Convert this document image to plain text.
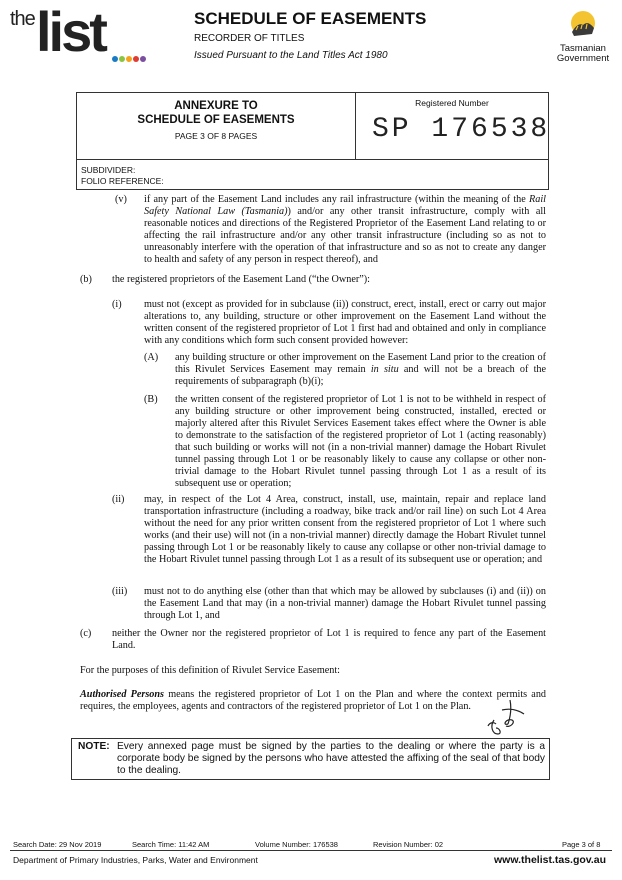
the list	SCHEDULE OF EASEMENTS
RECORDER OF TITLES
Issued Pursuant to the Land Titles Act 1980
Tasmanian
Government
ANNEXURE TO
SCHEDULE OF EASEMENTS
PAGE 3 OF 8 PAGES
Registered Number
SP 176538
SUBDIVIDER:
FOLIO REFERENCE:
(v) if any part of the Easement Land includes any rail infrastructure (within the meaning of the Rail Safety National Law (Tasmania)) and/or any other transit infrastructure, comply with all reasonable notices and directions of the Registered Proprietor of the Easement Land relating to or affecting the rail infrastructure and/or any other transit infrastructure (including so as not to unreasonably interfere with the operation of that infrastructure and so as not to create any danger to health and safety of any person in respect thereof), and
(b) the registered proprietors of the Easement Land (“the Owner”):
(i) must not (except as provided for in subclause (ii)) construct, erect, install, erect or carry out major alterations to, any building, structure or other improvement on the Easement Land without the written consent of the registered proprietor of Lot 1 first had and obtained and only in compliance with any conditions which form such consent provided however:
(A) any building structure or other improvement on the Easement Land prior to the creation of this Rivulet Services Easement may remain in situ and will not be a breach of the requirements of subparagraph (b)(i);
(B) the written consent of the registered proprietor of Lot 1 is not to be withheld in respect of any building structure or other improvement being constructed, installed, erected or majorly altered after this Rivulet Services Easement takes effect where the Owner is able to demonstrate to the satisfaction of the registered proprietor of Lot 1 (acting reasonably) that such building or works will not (in a non-trivial manner) damage the Hobart Rivulet tunnel passing through Lot 1 or be reasonably likely to cause any collapse or other non-trivial damage to the Hobart Rivulet tunnel passing through Lot 1 as a result of its subsequent use or operation;
(ii) may, in respect of the Lot 4 Area, construct, install, use, maintain, repair and replace land transportation infrastructure (including a roadway, bike track and/or rail line) on such Lot 4 Area without the need for any prior written consent from the registered proprietor of Lot 1 where such works (and their use) will not (in a non-trivial manner) directly damage the Hobart Rivulet tunnel passing through Lot 1 or be reasonably likely to cause any collapse or other non-trivial damage to the Hobart Rivulet tunnel passing through Lot 1 as a result of its subsequent use or operation; and
(iii) must not to do anything else (other than that which may be allowed by subclauses (i) and (ii)) on the Easement Land that may (in a non-trivial manner) damage the Hobart Rivulet tunnel passing through Lot 1, and
(c) neither the Owner nor the registered proprietor of Lot 1 is required to fence any part of the Easement Land.
For the purposes of this definition of Rivulet Service Easement:
Authorised Persons means the registered proprietor of Lot 1 on the Plan and where the context permits and requires, the employees, agents and contractors of the registered proprietor of Lot 1 on the Plan.
NOTE: Every annexed page must be signed by the parties to the dealing or where the party is a corporate body be signed by the persons who have attested the affixing of the seal of that body to the dealing.
Search Date: 29 Nov 2019	Search Time: 11:42 AM	Volume Number: 176538	Revision Number: 02	Page 3 of 8
Department of Primary Industries, Parks, Water and Environment	www.thelist.tas.gov.au
